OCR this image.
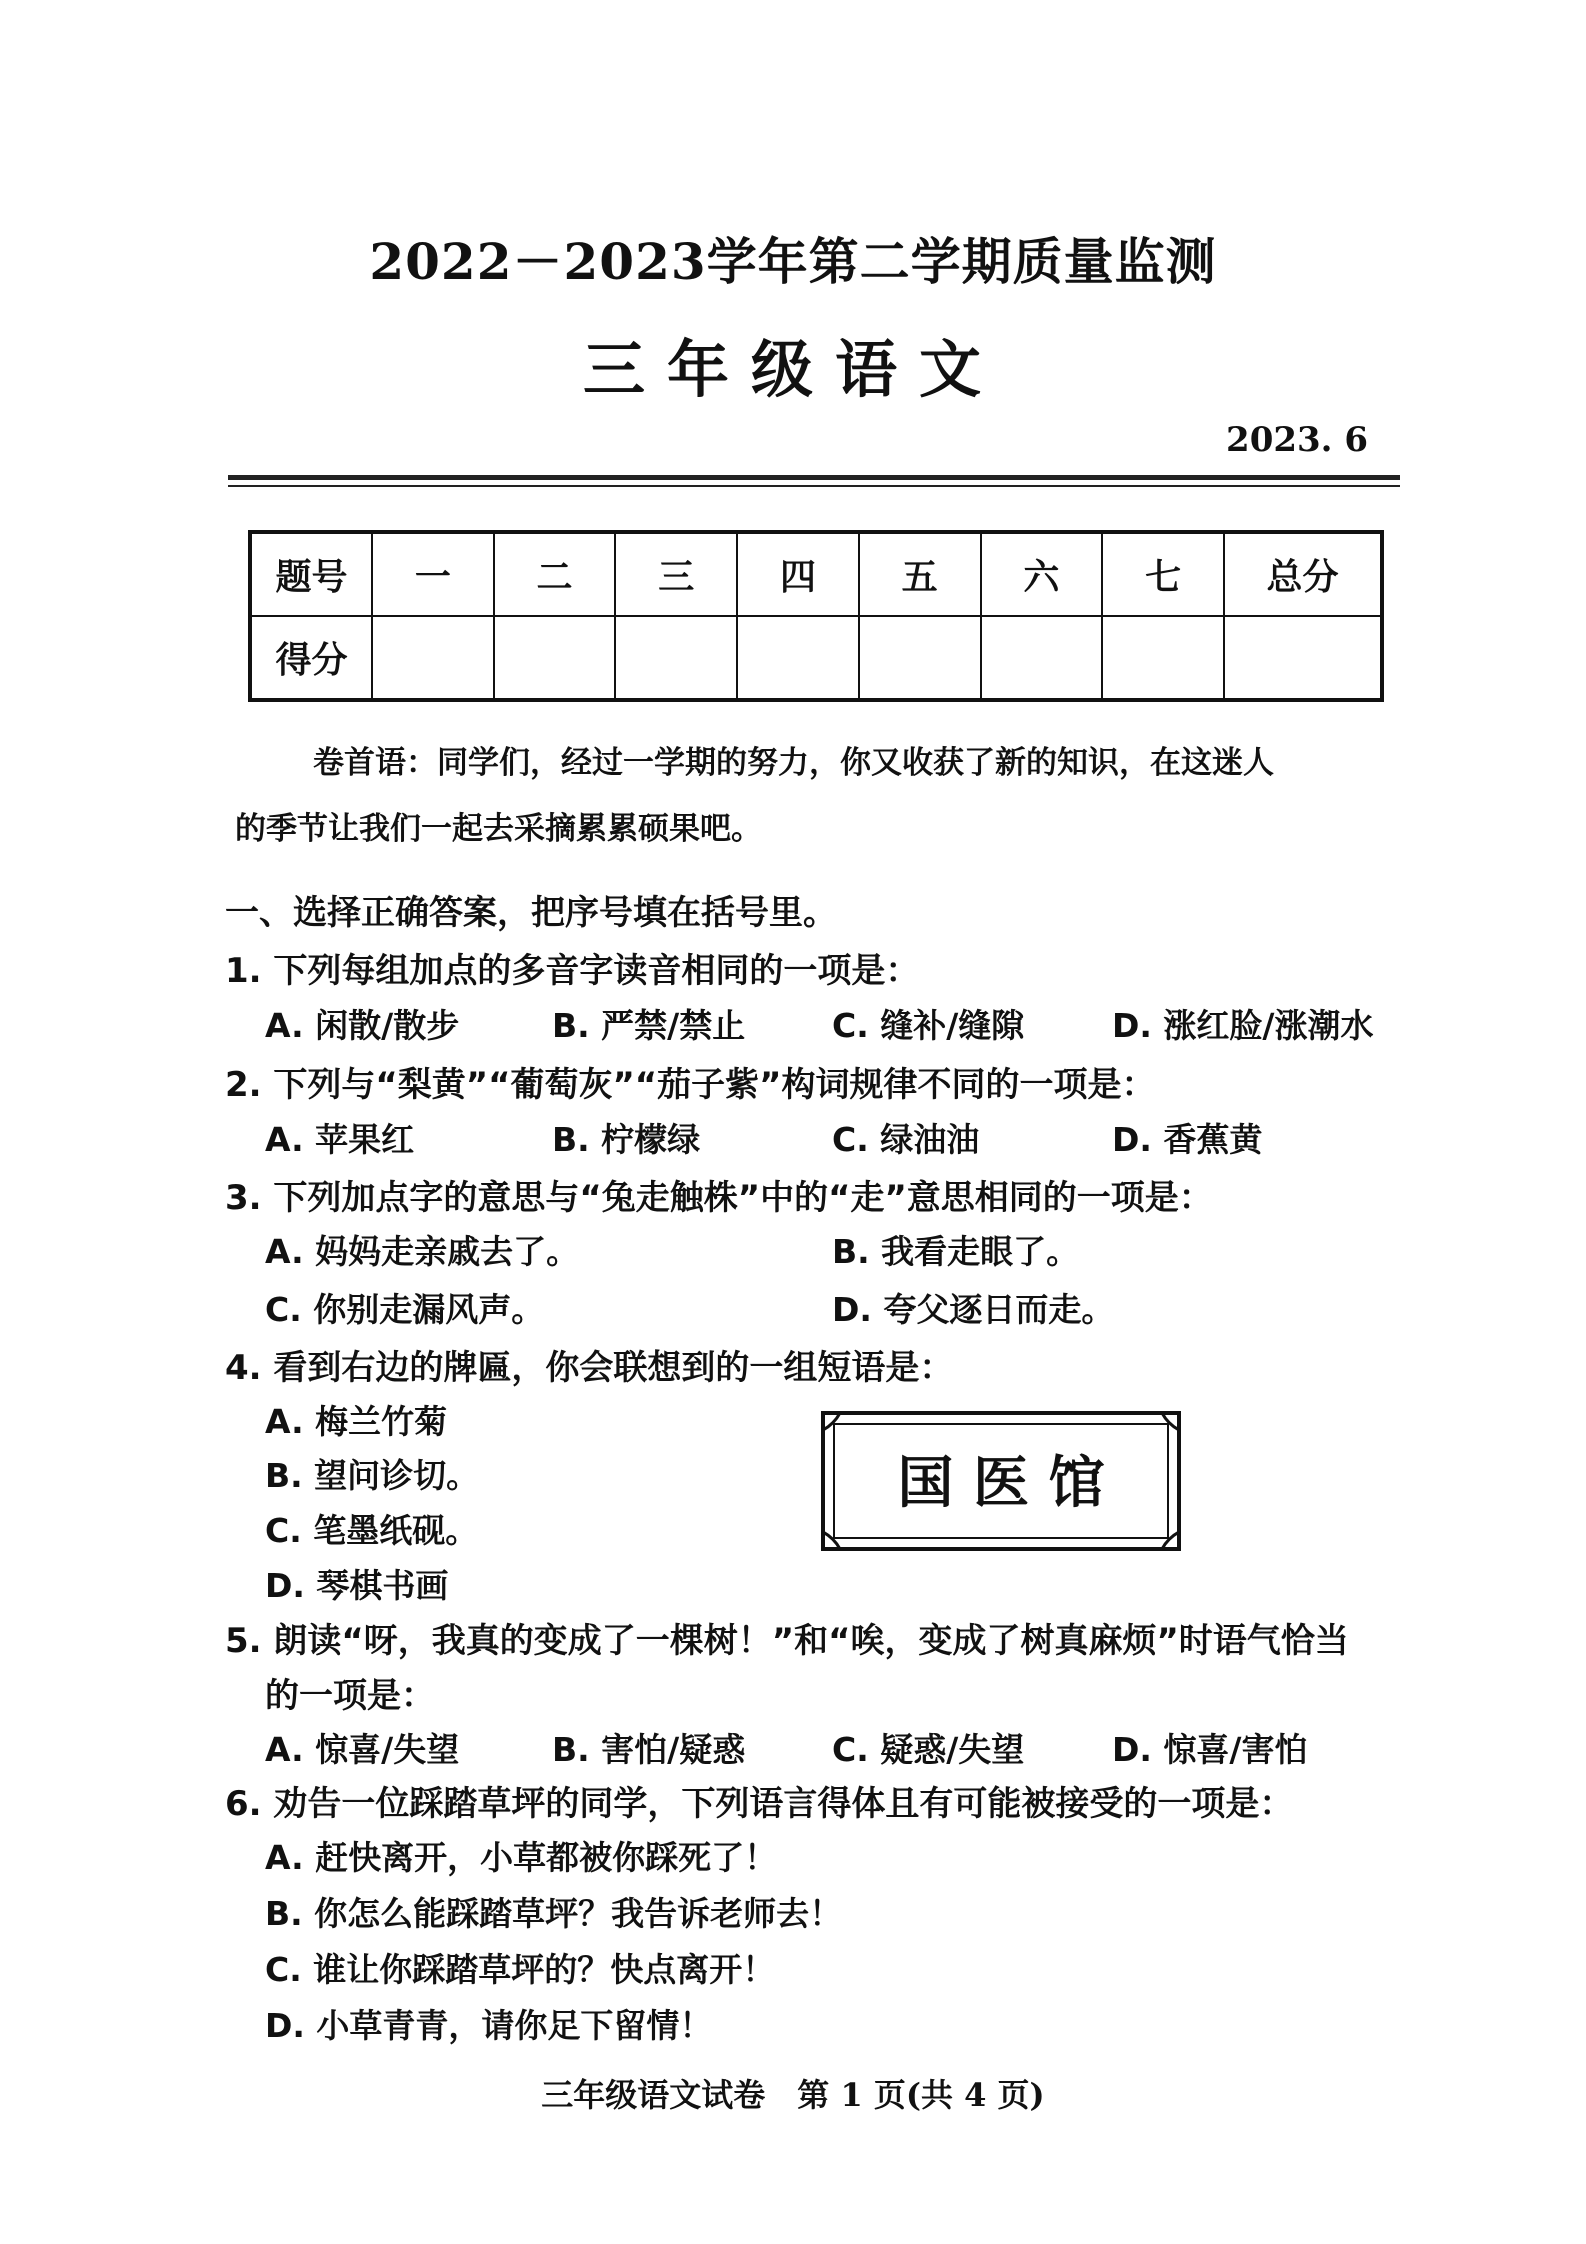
2022－2023学年第二学期质量监测
三年级语文
2023. 6
题号	一	二	三	四	五	六	七	总分
得分								
卷首语：同学们，经过一学期的努力，你又收获了新的知识，在这迷人
的季节让我们一起去采摘累累硕果吧。
一、选择正确答案，把序号填在括号里。
1. 下列每组加点的多音字读音相同的一项是：
A. 闲散/散步	B. 严禁/禁止	C. 缝补/缝隙	D. 涨红脸/涨潮水
2. 下列与“梨黄”“葡萄灰”“茄子紫”构词规律不同的一项是：
A. 苹果红	B. 柠檬绿	C. 绿油油	D. 香蕉黄
3. 下列加点字的意思与“兔走触株”中的“走”意思相同的一项是：
A. 妈妈走亲戚去了。	B. 我看走眼了。
C. 你别走漏风声。	D. 夸父逐日而走。
4. 看到右边的牌匾，你会联想到的一组短语是：
A. 梅兰竹菊
B. 望问诊切。
C. 笔墨纸砚。
D. 琴棋书画
国 医 馆
5. 朗读“呀，我真的变成了一棵树！”和“唉，变成了树真麻烦”时语气恰当
的一项是：
A. 惊喜/失望	B. 害怕/疑惑	C. 疑惑/失望	D. 惊喜/害怕
6. 劝告一位踩踏草坪的同学，下列语言得体且有可能被接受的一项是：
A. 赶快离开，小草都被你踩死了！
B. 你怎么能踩踏草坪？我告诉老师去！
C. 谁让你踩踏草坪的？快点离开！
D. 小草青青，请你足下留情！
三年级语文试卷　第 1 页(共 4 页)
